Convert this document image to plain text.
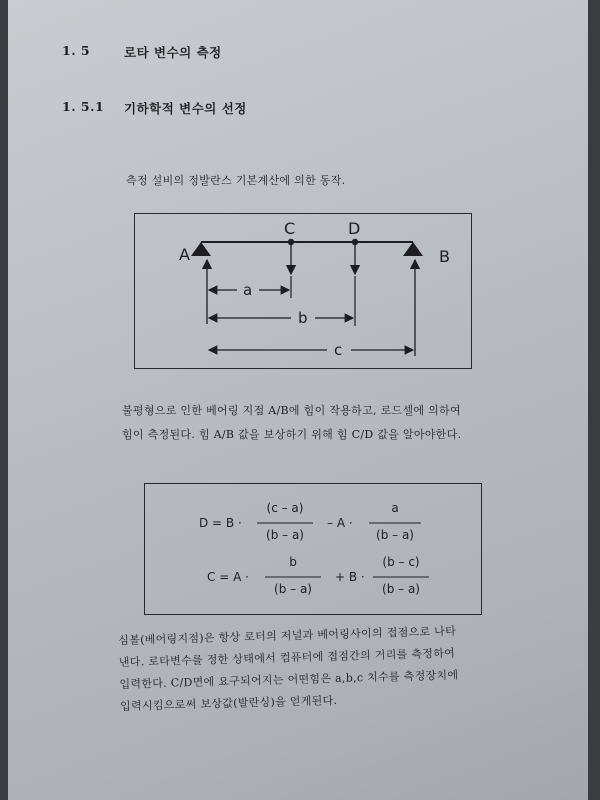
1. 5	로타 변수의 측정
1. 5.1 기하학적 변수의 선정
측정 설비의 정발란스 기본계산에 의한 동작.
A	B
C	D
a
b
c
불평형으로 인한 베어링 지점 A/B에 힘이 작용하고, 로드셀에 의하여
힘이 측정된다. 힘 A/B 값을 보상하기 위해 힘 C/D 값을 알아야한다.
D = B ·
(c – a)
(b – a)
– A ·
a
(b – a)
C = A ·
b
(b – a)
+ B ·
(b – c)
(b – a)
심볼(베어링지점)은 항상 로터의 저널과 베어링사이의 접점으로 나타
낸다. 로타변수를 정한 상태에서 컴퓨터에 접점간의 거리를 측정하여
입력한다. C/D면에 요구되어지는 어떤힘은 a,b,c 치수를 측정장치에
입력시킴으로써 보상값(발란싱)을 얻게된다.
